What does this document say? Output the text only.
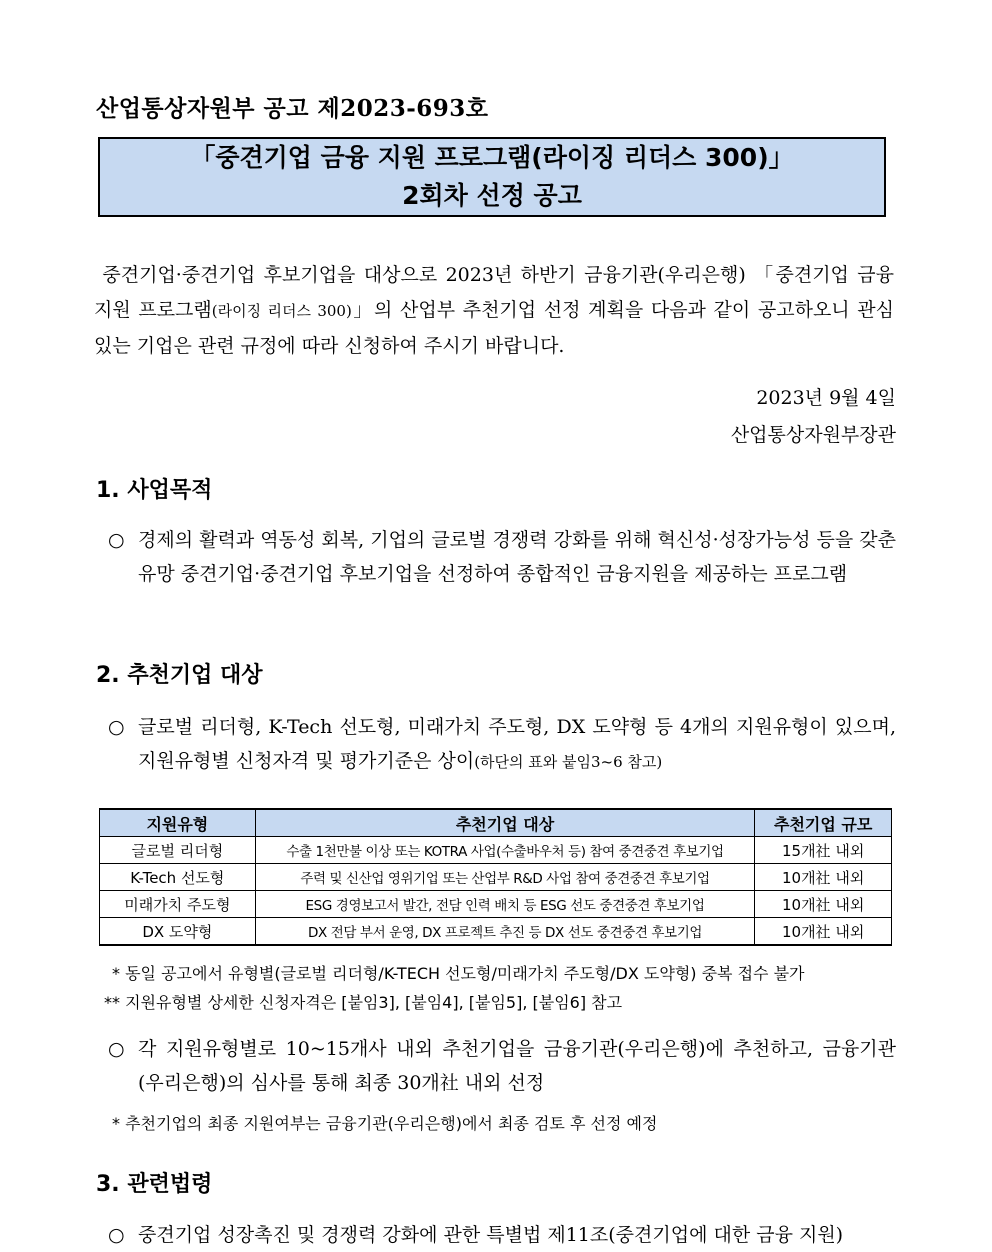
산업통상자원부 공고 제2023-693호
「중견기업 금융 지원 프로그램(라이징 리더스 300)」
2회차 선정 공고
중견기업·중견기업 후보기업을 대상으로 2023년 하반기 금융기관(우리은행) 「중견기업 금융 지원 프로그램(라이징 리더스 300)」의 산업부 추천기업 선정 계획을 다음과 같이 공고하오니 관심 있는 기업은 관련 규정에 따라 신청하여 주시기 바랍니다.
2023년 9월 4일
산업통상자원부장관
1. 사업목적
○ 경제의 활력과 역동성 회복, 기업의 글로벌 경쟁력 강화를 위해 혁신성·성장가능성 등을 갖춘 유망 중견기업·중견기업 후보기업을 선정하여 종합적인 금융지원을 제공하는 프로그램
2. 추천기업 대상
○ 글로벌 리더형, K-Tech 선도형, 미래가치 주도형, DX 도약형 등 4개의 지원유형이 있으며, 지원유형별 신청자격 및 평가기준은 상이(하단의 표와 붙임3~6 참고)
지원유형	추천기업 대상	추천기업 규모
글로벌 리더형	수출 1천만불 이상 또는 KOTRA 사업(수출바우처 등) 참여 중견중견 후보기업	15개社 내외
K-Tech 선도형	주력 및 신산업 영위기업 또는 산업부 R&D 사업 참여 중견중견 후보기업	10개社 내외
미래가치 주도형	ESG 경영보고서 발간, 전담 인력 배치 등 ESG 선도 중견중견 후보기업	10개社 내외
DX 도약형	DX 전담 부서 운영, DX 프로젝트 추진 등 DX 선도 중견중견 후보기업	10개社 내외
* 동일 공고에서 유형별(글로벌 리더형/K-TECH 선도형/미래가치 주도형/DX 도약형) 중복 접수 불가
** 지원유형별 상세한 신청자격은 [붙임3], [붙임4], [붙임5], [붙임6] 참고
○ 각 지원유형별로 10~15개사 내외 추천기업을 금융기관(우리은행)에 추천하고, 금융기관(우리은행)의 심사를 통해 최종 30개社 내외 선정
* 추천기업의 최종 지원여부는 금융기관(우리은행)에서 최종 검토 후 선정 예정
3. 관련법령
○ 중견기업 성장촉진 및 경쟁력 강화에 관한 특별법 제11조(중견기업에 대한 금융 지원)
